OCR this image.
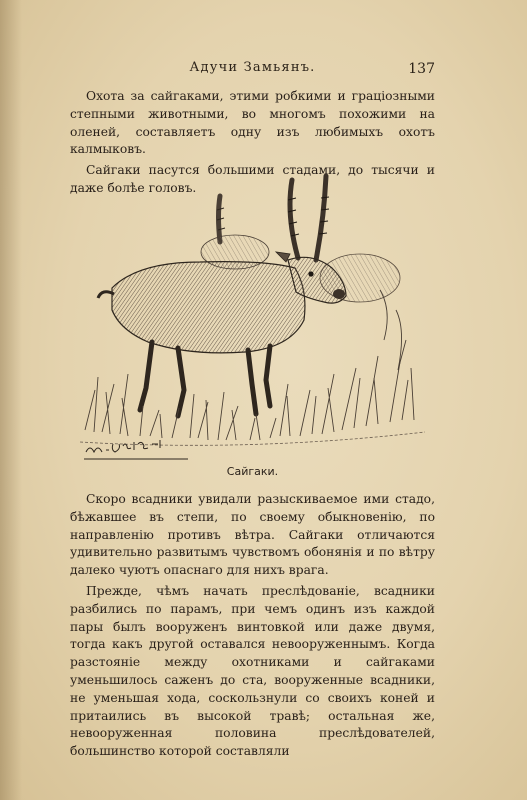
Адучи Замьянъ.	137

Охота за сайгаками, этими робкими и граціозными степными животными, во многомъ похожими на оленей, составляетъ одну изъ любимыхъ охотъ калмыковъ.

Сайгаки пасутся большими стадами, до тысячи и даже болѣе головъ.

Сайгаки.

Скоро всадники увидали разыскиваемое ими стадо, бѣжавшее въ степи, по своему обыкновенію, по направленію противъ вѣтра. Сайгаки отличаются удивительно развитымъ чувствомъ обонянія и по вѣтру далеко чуютъ опаснаго для нихъ врага.

Прежде, чѣмъ начать преслѣдованіе, всадники разбились по парамъ, при чемъ одинъ изъ каждой пары былъ вооруженъ винтовкой или даже двумя, тогда какъ другой оставался невооруженнымъ. Когда разстояніе между охотниками и сайгаками уменьшилось саженъ до ста, вооруженные всадники, не уменьшая хода, соскользнули со своихъ коней и притаились въ высокой травѣ; остальная же, невооруженная половина преслѣдователей, большинство которой составляли
